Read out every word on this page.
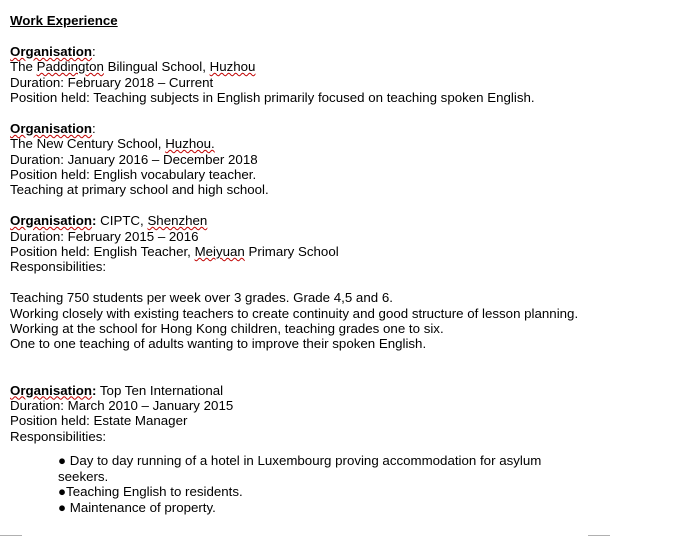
Work Experience
Organisation:
The Paddington Bilingual School, Huzhou
Duration: February 2018 – Current
Position held: Teaching subjects in English primarily focused on teaching spoken English.
Organisation:
The New Century School, Huzhou.
Duration: January 2016 – December 2018
Position held: English vocabulary teacher.
Teaching at primary school and high school.
Organisation: CIPTC, Shenzhen
Duration: February 2015 – 2016
Position held: English Teacher, Meiyuan Primary School
Responsibilities:
Teaching 750 students per week over 3 grades. Grade 4,5 and 6.
Working closely with existing teachers to create continuity and good structure of lesson planning.
Working at the school for Hong Kong children, teaching grades one to six.
One to one teaching of adults wanting to improve their spoken English.
Organisation: Top Ten International
Duration: March 2010 – January 2015
Position held: Estate Manager
Responsibilities:
● Day to day running of a hotel in Luxembourg proving accommodation for asylum seekers.
●Teaching English to residents.
● Maintenance of property.
